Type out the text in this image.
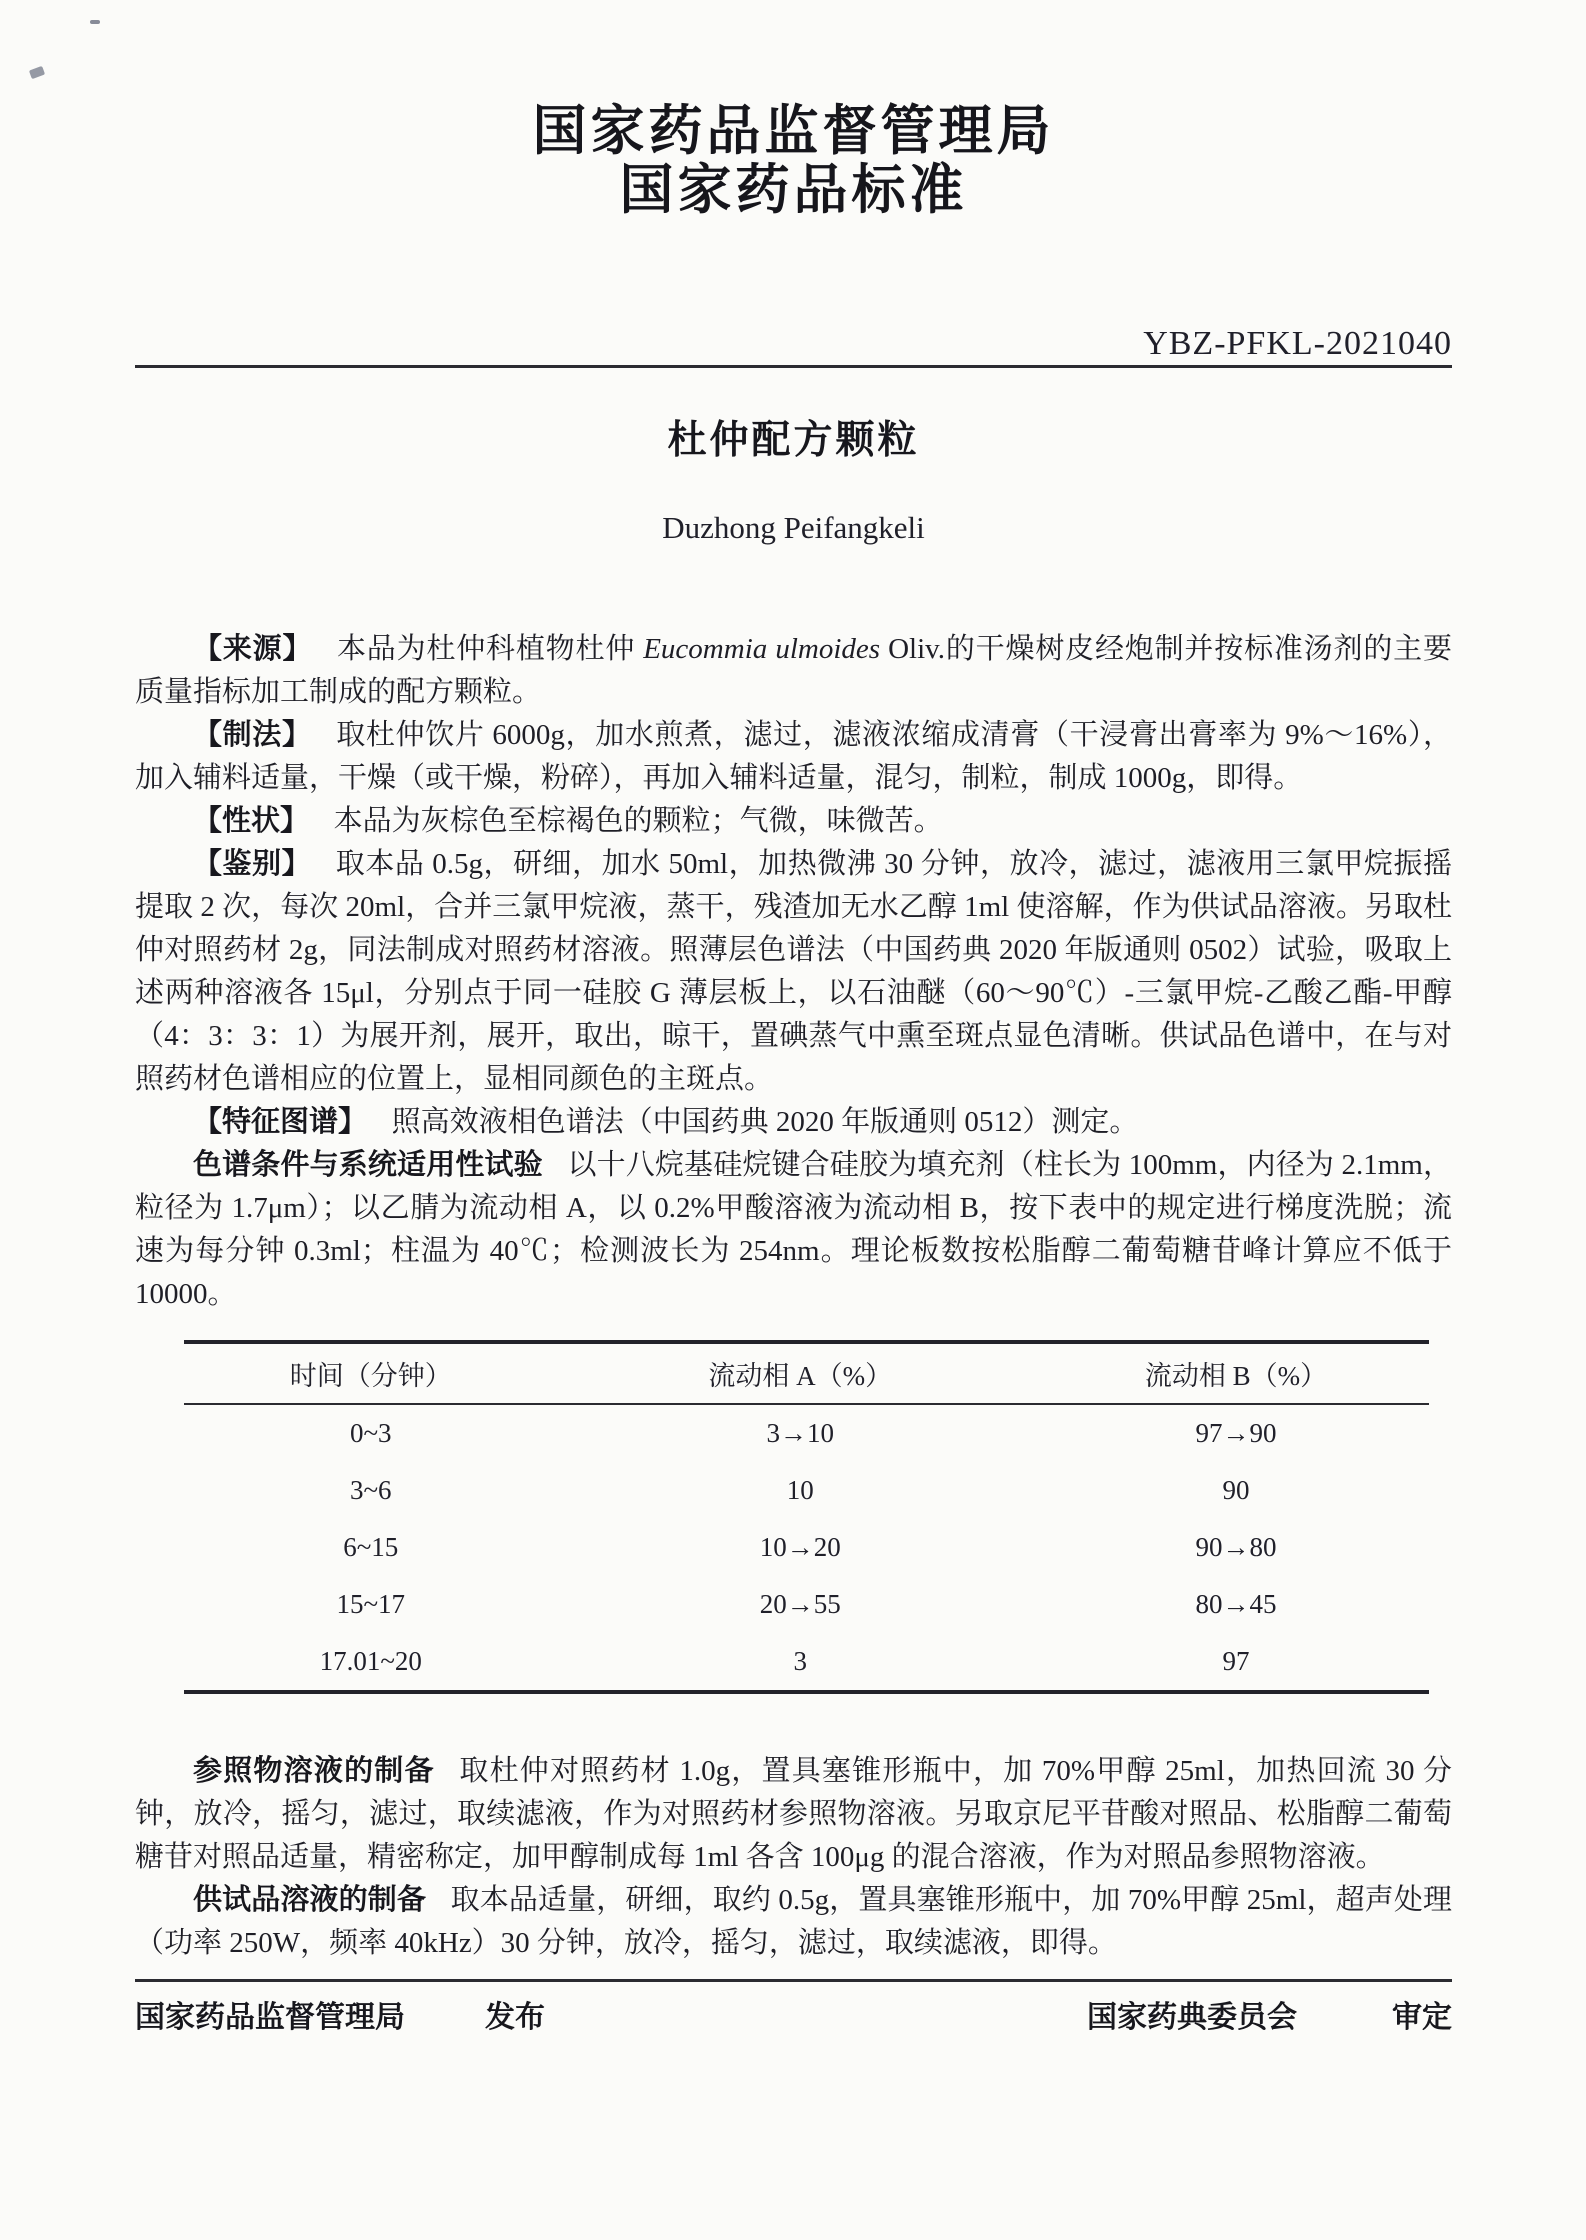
国家药品监督管理局
国家药品标准
YBZ-PFKL-2021040
杜仲配方颗粒
Duzhong Peifangkeli

【来源】 本品为杜仲科植物杜仲 Eucommia ulmoides Oliv.的干燥树皮经炮制并按标准汤剂的主要质量指标加工制成的配方颗粒。

【制法】 取杜仲饮片 6000g，加水煎煮，滤过，滤液浓缩成清膏（干浸膏出膏率为 9%～16%），加入辅料适量，干燥（或干燥，粉碎），再加入辅料适量，混匀，制粒，制成 1000g，即得。

【性状】 本品为灰棕色至棕褐色的颗粒；气微，味微苦。

【鉴别】 取本品 0.5g，研细，加水 50ml，加热微沸 30 分钟，放冷，滤过，滤液用三氯甲烷振摇提取 2 次，每次 20ml，合并三氯甲烷液，蒸干，残渣加无水乙醇 1ml 使溶解，作为供试品溶液。另取杜仲对照药材 2g，同法制成对照药材溶液。照薄层色谱法（中国药典 2020 年版通则 0502）试验，吸取上述两种溶液各 15μl，分别点于同一硅胶 G 薄层板上，以石油醚（60～90℃）-三氯甲烷-乙酸乙酯-甲醇（4：3：3：1）为展开剂，展开，取出，晾干，置碘蒸气中熏至斑点显色清晰。供试品色谱中，在与对照药材色谱相应的位置上，显相同颜色的主斑点。

【特征图谱】 照高效液相色谱法（中国药典 2020 年版通则 0512）测定。

色谱条件与系统适用性试验 以十八烷基硅烷键合硅胶为填充剂（柱长为 100mm，内径为 2.1mm，粒径为 1.7μm）；以乙腈为流动相 A，以 0.2%甲酸溶液为流动相 B，按下表中的规定进行梯度洗脱；流速为每分钟 0.3ml；柱温为 40℃；检测波长为 254nm。理论板数按松脂醇二葡萄糖苷峰计算应不低于 10000。

时间（分钟）	流动相 A（%）	流动相 B（%）
0~3	3→10	97→90
3~6	10	90
6~15	10→20	90→80
15~17	20→55	80→45
17.01~20	3	97

参照物溶液的制备 取杜仲对照药材 1.0g，置具塞锥形瓶中，加 70%甲醇 25ml，加热回流 30 分钟，放冷，摇匀，滤过，取续滤液，作为对照药材参照物溶液。另取京尼平苷酸对照品、松脂醇二葡萄糖苷对照品适量，精密称定，加甲醇制成每 1ml 各含 100μg 的混合溶液，作为对照品参照物溶液。

供试品溶液的制备 取本品适量，研细，取约 0.5g，置具塞锥形瓶中，加 70%甲醇 25ml，超声处理（功率 250W，频率 40kHz）30 分钟，放冷，摇匀，滤过，取续滤液，即得。

国家药品监督管理局	发布	国家药典委员会	审定
